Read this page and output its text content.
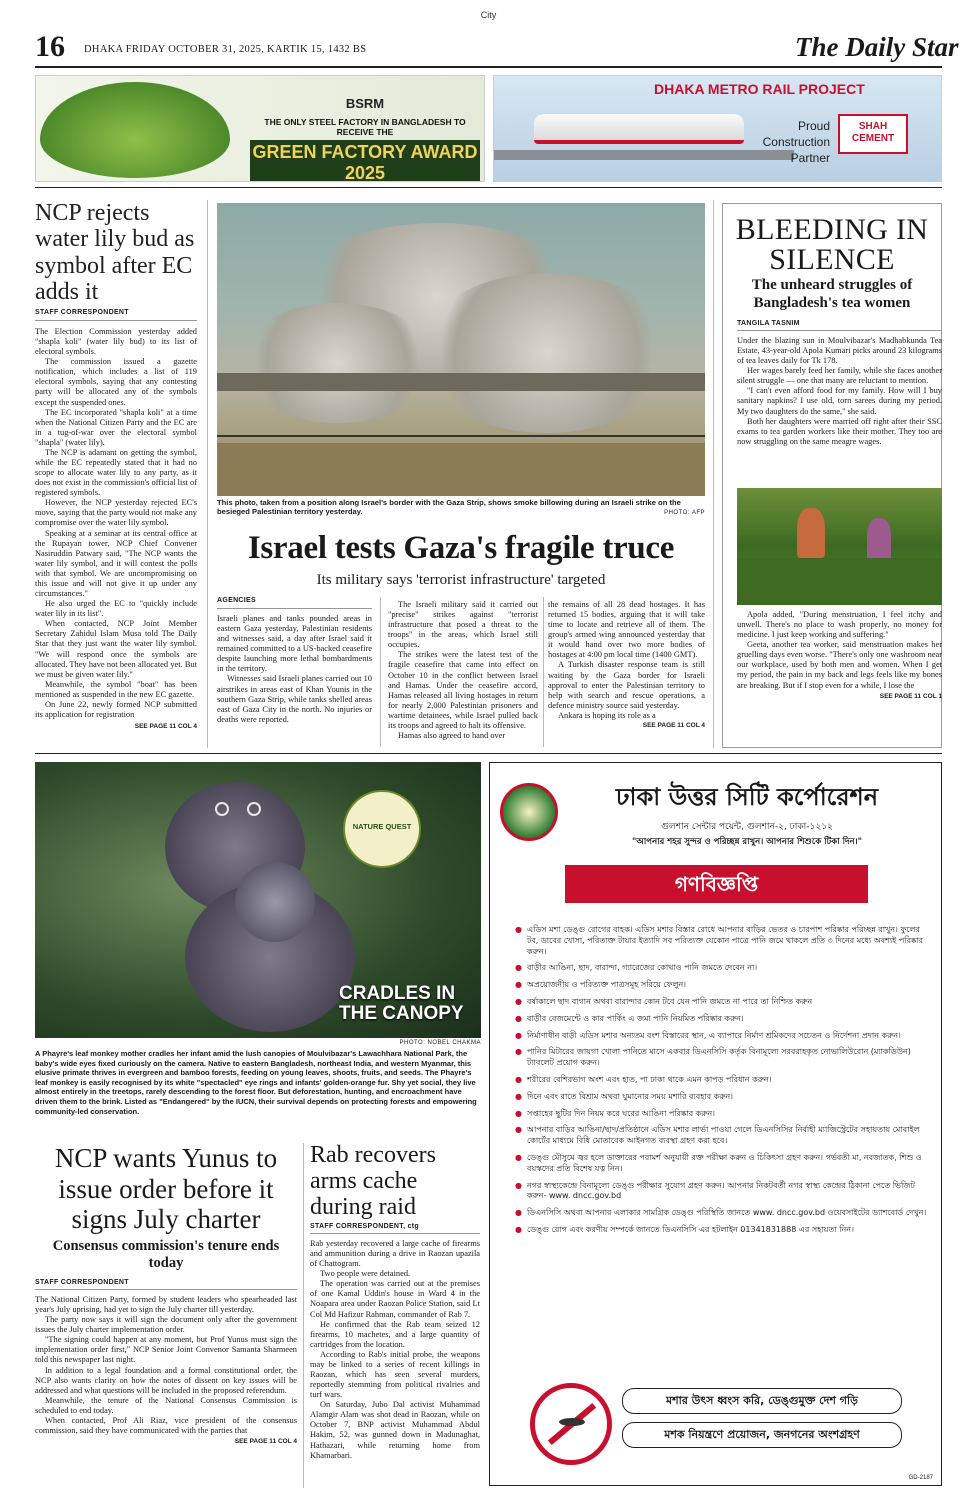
City
16 DHAKA FRIDAY OCTOBER 31, 2025, KARTIK 15, 1432 BS	The Daily Star
BSRM
THE ONLY STEEL FACTORY IN BANGLADESH TO RECEIVE THE
GREEN FACTORY AWARD 2025
DHAKA METRO RAIL PROJECT
Proud Construction Partner
SHAH CEMENT
NCP rejects water lily bud as symbol after EC adds it
STAFF CORRESPONDENT

The Election Commission yesterday added "shapla koli" (water lily bud) to its list of electoral symbols.

The commission issued a gazette notification, which includes a list of 119 electoral symbols, saying that any contesting party will be allocated any of the symbols except the suspended ones.

The EC incorporated "shapla koli" at a time when the National Citizen Party and the EC are in a tug-of-war over the electoral symbol "shapla" (water lily).

The NCP is adamant on getting the symbol, while the EC repeatedly stated that it had no scope to allocate water lily to any party, as it does not exist in the commission's official list of registered symbols.

However, the NCP yesterday rejected EC's move, saying that the party would not make any compromise over the water lily symbol.

Speaking at a seminar at its central office at the Rupayan tower, NCP Chief Convener Nasiruddin Patwary said, "The NCP wants the water lily symbol, and it will contest the polls with that symbol. We are uncompromising on this issue and will not give it up under any circumstances."

He also urged the EC to "quickly include water lily in its list".

When contacted, NCP Joint Member Secretary Zahidul Islam Musa told The Daily Star that they just want the water lily symbol. "We will respond once the symbols are allocated. They have not been allocated yet. But we must be given water lily."

Meanwhile, the symbol "boat" has been mentioned as suspended in the new EC gazette.

On June 22, newly formed NCP submitted its application for registration

SEE PAGE 11 COL 4
This photo, taken from a position along Israel's border with the Gaza Strip, shows smoke billowing during an Israeli strike on the besieged Palestinian territory yesterday.	PHOTO: AFP
Israel tests Gaza's fragile truce
Its military says 'terrorist infrastructure' targeted
AGENCIES

Israeli planes and tanks pounded areas in eastern Gaza yesterday, Palestinian residents and witnesses said, a day after Israel said it remained committed to a US-backed ceasefire despite launching more lethal bombardments in the territory.

Witnesses said Israeli planes carried out 10 airstrikes in areas east of Khan Younis in the southern Gaza Strip, while tanks shelled areas east of Gaza City in the north. No injuries or deaths were reported.

The Israeli military said it carried out "precise" strikes against "terrorist infrastructure that posed a threat to the troops" in the areas, which Israel still occupies.

The strikes were the latest test of the fragile ceasefire that came into effect on October 10 in the conflict between Israel and Hamas. Under the ceasefire accord, Hamas released all living hostages in return for nearly 2,000 Palestinian prisoners and wartime detainees, while Israel pulled back its troops and agreed to halt its offensive.

Hamas also agreed to hand over

the remains of all 28 dead hostages. It has returned 15 bodies, arguing that it will take time to locate and retrieve all of them. The group's armed wing announced yesterday that it would hand over two more bodies of hostages at 4:00 pm local time (1400 GMT).

A Turkish disaster response team is still waiting by the Gaza border for Israeli approval to enter the Palestinian territory to help with search and rescue operations, a defence ministry source said yesterday.

Ankara is hoping its role as a

SEE PAGE 11 COL 4
BLEEDING IN SILENCE
The unheard struggles of Bangladesh's tea women
TANGILA TASNIM

Under the blazing sun in Moulvibazar's Madhabkunda Tea Estate, 43-year-old Apola Kumari picks around 23 kilograms of tea leaves daily for Tk 178.

Her wages barely feed her family, while she faces another silent struggle — one that many are reluctant to mention.

"I can't even afford food for my family. How will I buy sanitary napkins? I use old, torn sarees during my period. My two daughters do the same," she said.

Both her daughters were married off right after their SSC exams to tea garden workers like their mother. They too are now struggling on the same meagre wages.

Apola added, "During menstruation, I feel itchy and unwell. There's no place to wash properly, no money for medicine. I just keep working and suffering."

Geeta, another tea worker, said menstruation makes her gruelling days even worse. "There's only one washroom near our workplace, used by both men and women. When I get my period, the pain in my back and legs feels like my bones are breaking. But if I stop even for a while, I lose the

SEE PAGE 11 COL 1
NATURE QUEST
CRADLES IN THE CANOPY
PHOTO: NOBEL CHAKMA
A Phayre's leaf monkey mother cradles her infant amid the lush canopies of Moulvibazar's Lawachhara National Park, the baby's wide eyes fixed curiously on the camera. Native to eastern Bangladesh, northeast India, and western Myanmar, this elusive primate thrives in evergreen and bamboo forests, feeding on young leaves, shoots, fruits, and seeds. The Phayre's leaf monkey is easily recognised by its white "spectacled" eye rings and infants' golden-orange fur. Shy yet social, they live almost entirely in the treetops, rarely descending to the forest floor. But deforestation, hunting, and encroachment have driven them to the brink. Listed as "Endangered" by the IUCN, their survival depends on protecting forests and empowering community-led conservation.
ঢাকা উত্তর সিটি কর্পোরেশন
গুলশান সেন্টার পয়েন্ট, গুলশান-২, ঢাকা-১২১২
"আপনার শহর সুন্দর ও পরিচ্ছন্ন রাখুন। আপনার শিশুকে টিকা দিন।"
গণবিজ্ঞপ্তি
● এডিস মশা ডেঙ্গু রোগের বাহক। এডিস মশার বিস্তার রোধে আপনার বাড়ির ভেতর ও চারপাশ পরিষ্কার পরিচ্ছন্ন রাখুন। ফুলের টব, ডাবের খোসা, পরিত্যক্ত টায়ার ইত্যাদি সব পরিত্যক্ত যেকোন পাত্রে পানি জমে থাকলে প্রতি ৩ দিনের মধ্যে অবশ্যই পরিষ্কার করুন।
● বাড়ীর আঙিনা, ছাদ, বারান্দা, গ্যারেজের কোথাও পানি জমতে দেবেন না।
● অপ্রয়োজনীয় ও পরিত্যক্ত পাত্রসমূহ সরিয়ে ফেলুন।
● বর্ষাকালে ছাদ বাগান অথবা বারান্দার কোন টবে যেন পানি জমতে না পারে তা নিশ্চিত করুন
● বাড়ীর বেজমেন্টে ও কার পার্কিং এ জমা পানি নিয়মিত পরিষ্কার করুন।
● নির্মাণাধীন বাড়ী এডিস মশার অন্যতম বংশ বিস্তারের স্থান, এ ব্যাপারে নির্মাণ শ্রমিকদের সচেতন ও নির্দেশনা প্রদান করুন।
● পানির মিটারের জায়গা খোলা পানিতে মাসে একবার ডিএনসিসি কর্তৃক বিনামূল্যে সরবরাহকৃত নোভালিউরোন (ম্যাকডিউন) ট্যাবলেট প্রয়োগ করুন।
● শরীরের বেশিরভাগ অংশ এবং হাত, পা ঢাকা থাকে এমন কাপড় পরিধান করুন।
● দিনে এবং রাতে বিশ্রাম অথবা ঘুমানোর সময় মশারি ব্যবহার করুন।
● সপ্তাহের ছুটির দিন নিয়ম করে ঘরের আঙিনা পরিষ্কার করুন।
● আপনার বাড়ির আঙিনা/ছাদ/প্রতিষ্ঠানে এডিস মশার লার্ভা পাওয়া গেলে ডিএনসিসির নির্বাহী ম্যাজিস্ট্রেটের সহায়তায় মোবাইল কোর্টের মাধ্যমে বিধি মোতাবেক আইনগত ব্যবস্থা গ্রহণ করা হবে।
● ডেঙ্গু মৌসুমে জ্বর হলে ডাক্তারের পরামর্শ অনুযায়ী রক্ত পরীক্ষা করুন ও চিকিৎসা গ্রহণ করুন। গর্ভবতী মা, নবজাতক, শিশু ও বয়স্কদের প্রতি বিশেষ যত্ন নিন।
● নগর স্বাস্থ্যকেন্দ্রে বিনামূল্যে ডেঙ্গু পরীক্ষার সুযোগ গ্রহণ করুন। আপনার নিকটবর্তী নগর স্বাস্থ্য কেন্দ্রের ঠিকানা পেতে ভিজিট করুন- www. dncc.gov.bd
● ডিএনসিসি অথবা আপনার এলাকার সামগ্রিক ডেঙ্গু পরিস্থিতি জানতে www. dncc.gov.bd ওয়েবসাইটের ড্যাশবোর্ড দেখুন।
● ডেঙ্গু রোগ এবং করণীয় সম্পর্কে জানতে ডিএনসিসি এর হটলাইন 01341831888 এর সহায়তা নিন।
মশার উৎস ধ্বংস করি, ডেঙ্গুমুক্ত দেশ গড়ি
মশক নিয়ন্ত্রণে প্রয়োজন, জনগনের অংশগ্রহণ
GD-2187
NCP wants Yunus to issue order before it signs July charter
Consensus commission's tenure ends today
STAFF CORRESPONDENT

The National Citizen Party, formed by student leaders who spearheaded last year's July uprising, had yet to sign the July charter till yesterday.

The party now says it will sign the document only after the government issues the July charter implementation order.

"The signing could happen at any moment, but Prof Yunus must sign the implementation order first," NCP Senior Joint Convenor Samanta Sharmeen told this newspaper last night.

In addition to a legal foundation and a formal constitutional order, the NCP also wants clarity on how the notes of dissent on key issues will be addressed and what questions will be included in the proposed referendum.

Meanwhile, the tenure of the National Consensus Commission is scheduled to end today.

When contacted, Prof Ali Riaz, vice president of the consensus commission, said they have communicated with the parties that

SEE PAGE 11 COL 4
Rab recovers arms cache during raid
STAFF CORRESPONDENT, ctg

Rab yesterday recovered a large cache of firearms and ammunition during a drive in Raozan upazila of Chattogram.

Two people were detained.

The operation was carried out at the premises of one Kamal Uddin's house in Ward 4 in the Noapara area under Raozan Police Station, said Lt Col Md Hafizur Rahman, commander of Rab 7.

He confirmed that the Rab team seized 12 firearms, 10 machetes, and a large quantity of cartridges from the location.

According to Rab's initial probe, the weapons may be linked to a series of recent killings in Raozan, which has seen several murders, reportedly stemming from political rivalries and turf wars.

On Saturday, Jubo Dal activist Muhammad Alamgir Alam was shot dead in Raozan, while on October 7, BNP activist Muhammad Abdul Hakim, 52, was gunned down in Madunaghat, Hathazari, while returning home from Khamarbari.
